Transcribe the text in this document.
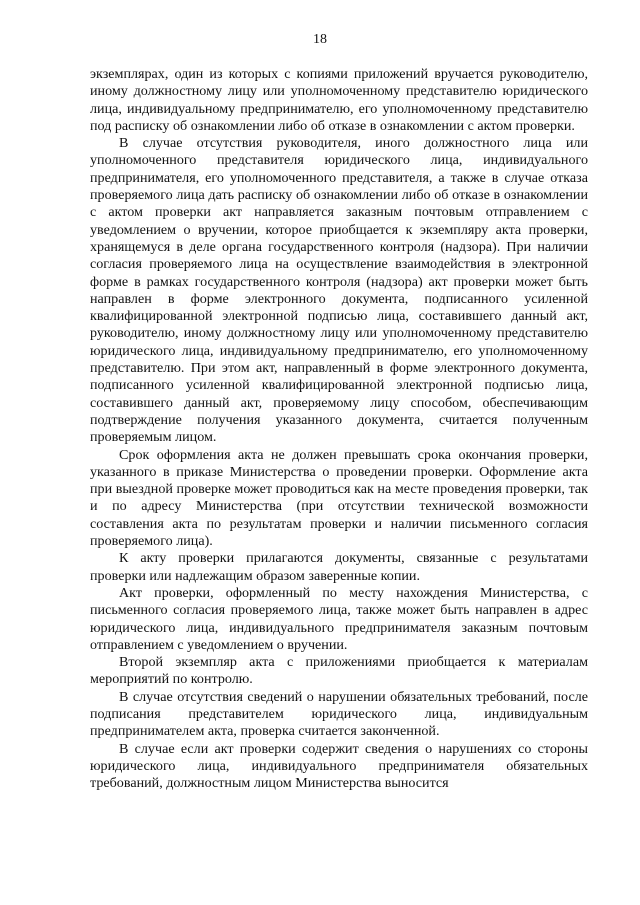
18

экземплярах, один из которых с копиями приложений вручается руководителю, иному должностному лицу или уполномоченному представителю юридического лица, индивидуальному предпринимателю, его уполномоченному представителю под расписку об ознакомлении либо об отказе в ознакомлении с актом проверки.

В случае отсутствия руководителя, иного должностного лица или уполномоченного представителя юридического лица, индивидуального предпринимателя, его уполномоченного представителя, а также в случае отказа проверяемого лица дать расписку об ознакомлении либо об отказе в ознакомлении с актом проверки акт направляется заказным почтовым отправлением с уведомлением о вручении, которое приобщается к экземпляру акта проверки, хранящемуся в деле органа государственного контроля (надзора). При наличии согласия проверяемого лица на осуществление взаимодействия в электронной форме в рамках государственного контроля (надзора) акт проверки может быть направлен в форме электронного документа, подписанного усиленной квалифицированной электронной подписью лица, составившего данный акт, руководителю, иному должностному лицу или уполномоченному представителю юридического лица, индивидуальному предпринимателю, его уполномоченному представителю. При этом акт, направленный в форме электронного документа, подписанного усиленной квалифицированной электронной подписью лица, составившего данный акт, проверяемому лицу способом, обеспечивающим подтверждение получения указанного документа, считается полученным проверяемым лицом.

Срок оформления акта не должен превышать срока окончания проверки, указанного в приказе Министерства о проведении проверки. Оформление акта при выездной проверке может проводиться как на месте проведения проверки, так и по адресу Министерства (при отсутствии технической возможности составления акта по результатам проверки и наличии письменного согласия проверяемого лица).

К акту проверки прилагаются документы, связанные с результатами проверки или надлежащим образом заверенные копии.

Акт проверки, оформленный по месту нахождения Министерства, с письменного согласия проверяемого лица, также может быть направлен в адрес юридического лица, индивидуального предпринимателя заказным почтовым отправлением с уведомлением о вручении.

Второй экземпляр акта с приложениями приобщается к материалам мероприятий по контролю.

В случае отсутствия сведений о нарушении обязательных требований, после подписания представителем юридического лица, индивидуальным предпринимателем акта, проверка считается законченной.

В случае если акт проверки содержит сведения о нарушениях со стороны юридического лица, индивидуального предпринимателя обязательных требований, должностным лицом Министерства выносится
